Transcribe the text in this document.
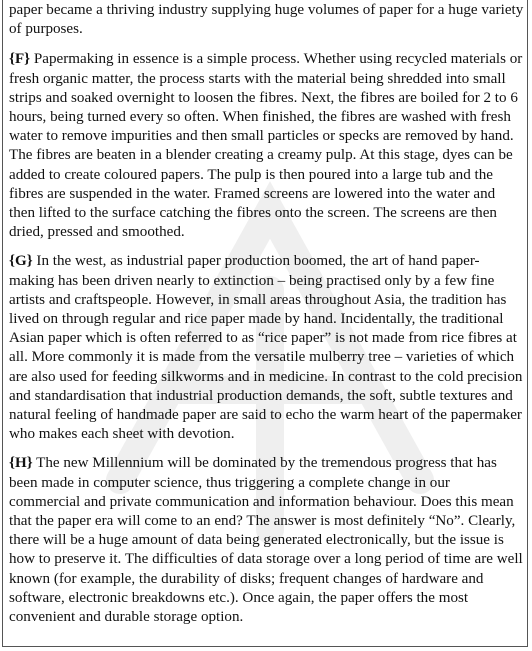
paper became a thriving industry supplying huge volumes of paper for a huge variety of purposes.

{F} Papermaking in essence is a simple process. Whether using recycled materials or fresh organic matter, the process starts with the material being shredded into small strips and soaked overnight to loosen the fibres. Next, the fibres are boiled for 2 to 6 hours, being turned every so often. When finished, the fibres are washed with fresh water to remove impurities and then small particles or specks are removed by hand. The fibres are beaten in a blender creating a creamy pulp. At this stage, dyes can be added to create coloured papers. The pulp is then poured into a large tub and the fibres are suspended in the water. Framed screens are lowered into the water and then lifted to the surface catching the fibres onto the screen. The screens are then dried, pressed and smoothed.

{G} In the west, as industrial paper production boomed, the art of hand paper-making has been driven nearly to extinction – being practised only by a few fine artists and craftspeople. However, in small areas throughout Asia, the tradition has lived on through regular and rice paper made by hand. Incidentally, the traditional Asian paper which is often referred to as “rice paper” is not made from rice fibres at all. More commonly it is made from the versatile mulberry tree – varieties of which are also used for feeding silkworms and in medicine. In contrast to the cold precision and standardisation that industrial production demands, the soft, subtle textures and natural feeling of handmade paper are said to echo the warm heart of the papermaker who makes each sheet with devotion.

{H} The new Millennium will be dominated by the tremendous progress that has been made in computer science, thus triggering a complete change in our commercial and private communication and information behaviour. Does this mean that the paper era will come to an end? The answer is most definitely “No”. Clearly, there will be a huge amount of data being generated electronically, but the issue is how to preserve it. The difficulties of data storage over a long period of time are well known (for example, the durability of disks; frequent changes of hardware and software, electronic breakdowns etc.). Once again, the paper offers the most convenient and durable storage option.
